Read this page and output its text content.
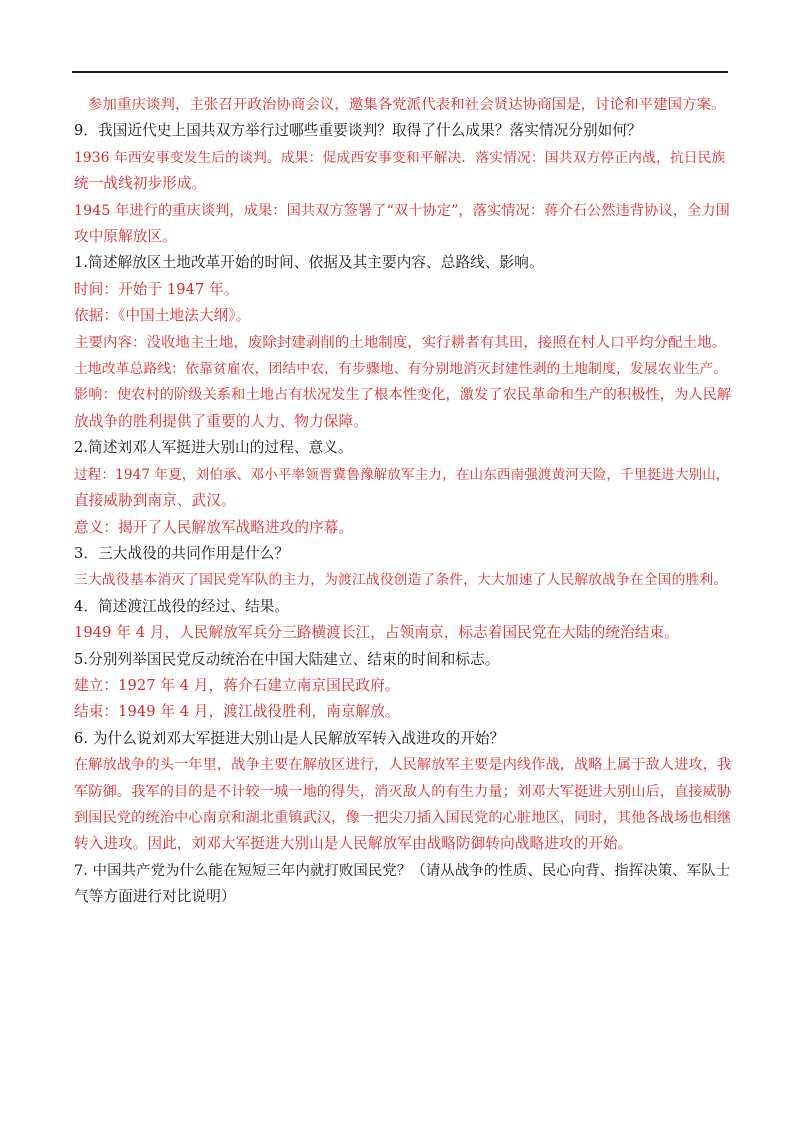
参加重庆谈判，主张召开政治协商会议，邀集各党派代表和社会贤达协商国是，讨论和平建国方案。
9．我国近代史上国共双方举行过哪些重要谈判？取得了什么成果？落实情况分别如何？
1936 年西安事变发生后的谈判。成果：促成西安事变和平解决．落实情况：国共双方停正内战，抗日民族
统一战线初步形成。
1945 年进行的重庆谈判，成果：国共双方签署了“双十协定”，落实情况：蒋介石公然违背协议，全力围
攻中原解放区。
1.简述解放区土地改革开始的时间、依据及其主要内容、总路线、影响。
时间：开始于 1947 年。
依据：《中国土地法大纲》。
主要内容：没收地主土地，废除封建剥削的土地制度，实行耕者有其田，接照在村人口平均分配土地。
土地改革总路线：依靠贫雇农，团结中农，有步骤地、有分别地消灭封建性剥的土地制度，发展农业生产。
影响：使农村的阶级关系和土地占有状况发生了根本性变化，激发了农民革命和生产的积极性，为人民解
放战争的胜利提供了重要的人力、物力保障。
2.简述刘邓人军挺进大别山的过程、意义。
过程：1947 年夏，刘伯承、邓小平率领晋冀鲁豫解放军主力，在山东西南强渡黄河天险，千里挺进大别山，
直接威胁到南京、武汉。
意义：揭开了人民解放军战略进攻的序幕。
3．三大战役的共同作用是什么？
三大战役基本消灭了国民党军队的主力，为渡江战役创造了条件，大大加速了人民解放战争在全国的胜利。
4．简述渡江战役的经过、结果。
1949 年 4 月，人民解放军兵分三路横渡长江，占领南京，标志着国民党在大陆的统治结束。
5.分别列举国民党反动统治在中国大陆建立、结束的时间和标志。
建立：1927 年 4 月，蒋介石建立南京国民政府。
结束：1949 年 4 月，渡江战役胜利，南京解放。
6. 为什么说刘邓大军挺进大别山是人民解放军转入战进攻的开始？
在解放战争的头一年里，战争主要在解放区进行，人民解放军主要是内线作战，战略上属于敌人进攻，我
军防御。我军的目的是不计较一城一地的得失，消灭敌人的有生力量；刘邓大军挺进大别山后，直接威胁
到国民党的统治中心南京和湖北重镇武汉，像一把尖刀插入国民党的心脏地区，同时，其他各战场也相继
转入进攻。因此，刘邓大军挺进大别山是人民解放军由战略防御转向战略进攻的开始。
7. 中国共产党为什么能在短短三年内就打败国民党？（请从战争的性质、民心向背、指挥决策、军队士
气等方面进行对比说明）
